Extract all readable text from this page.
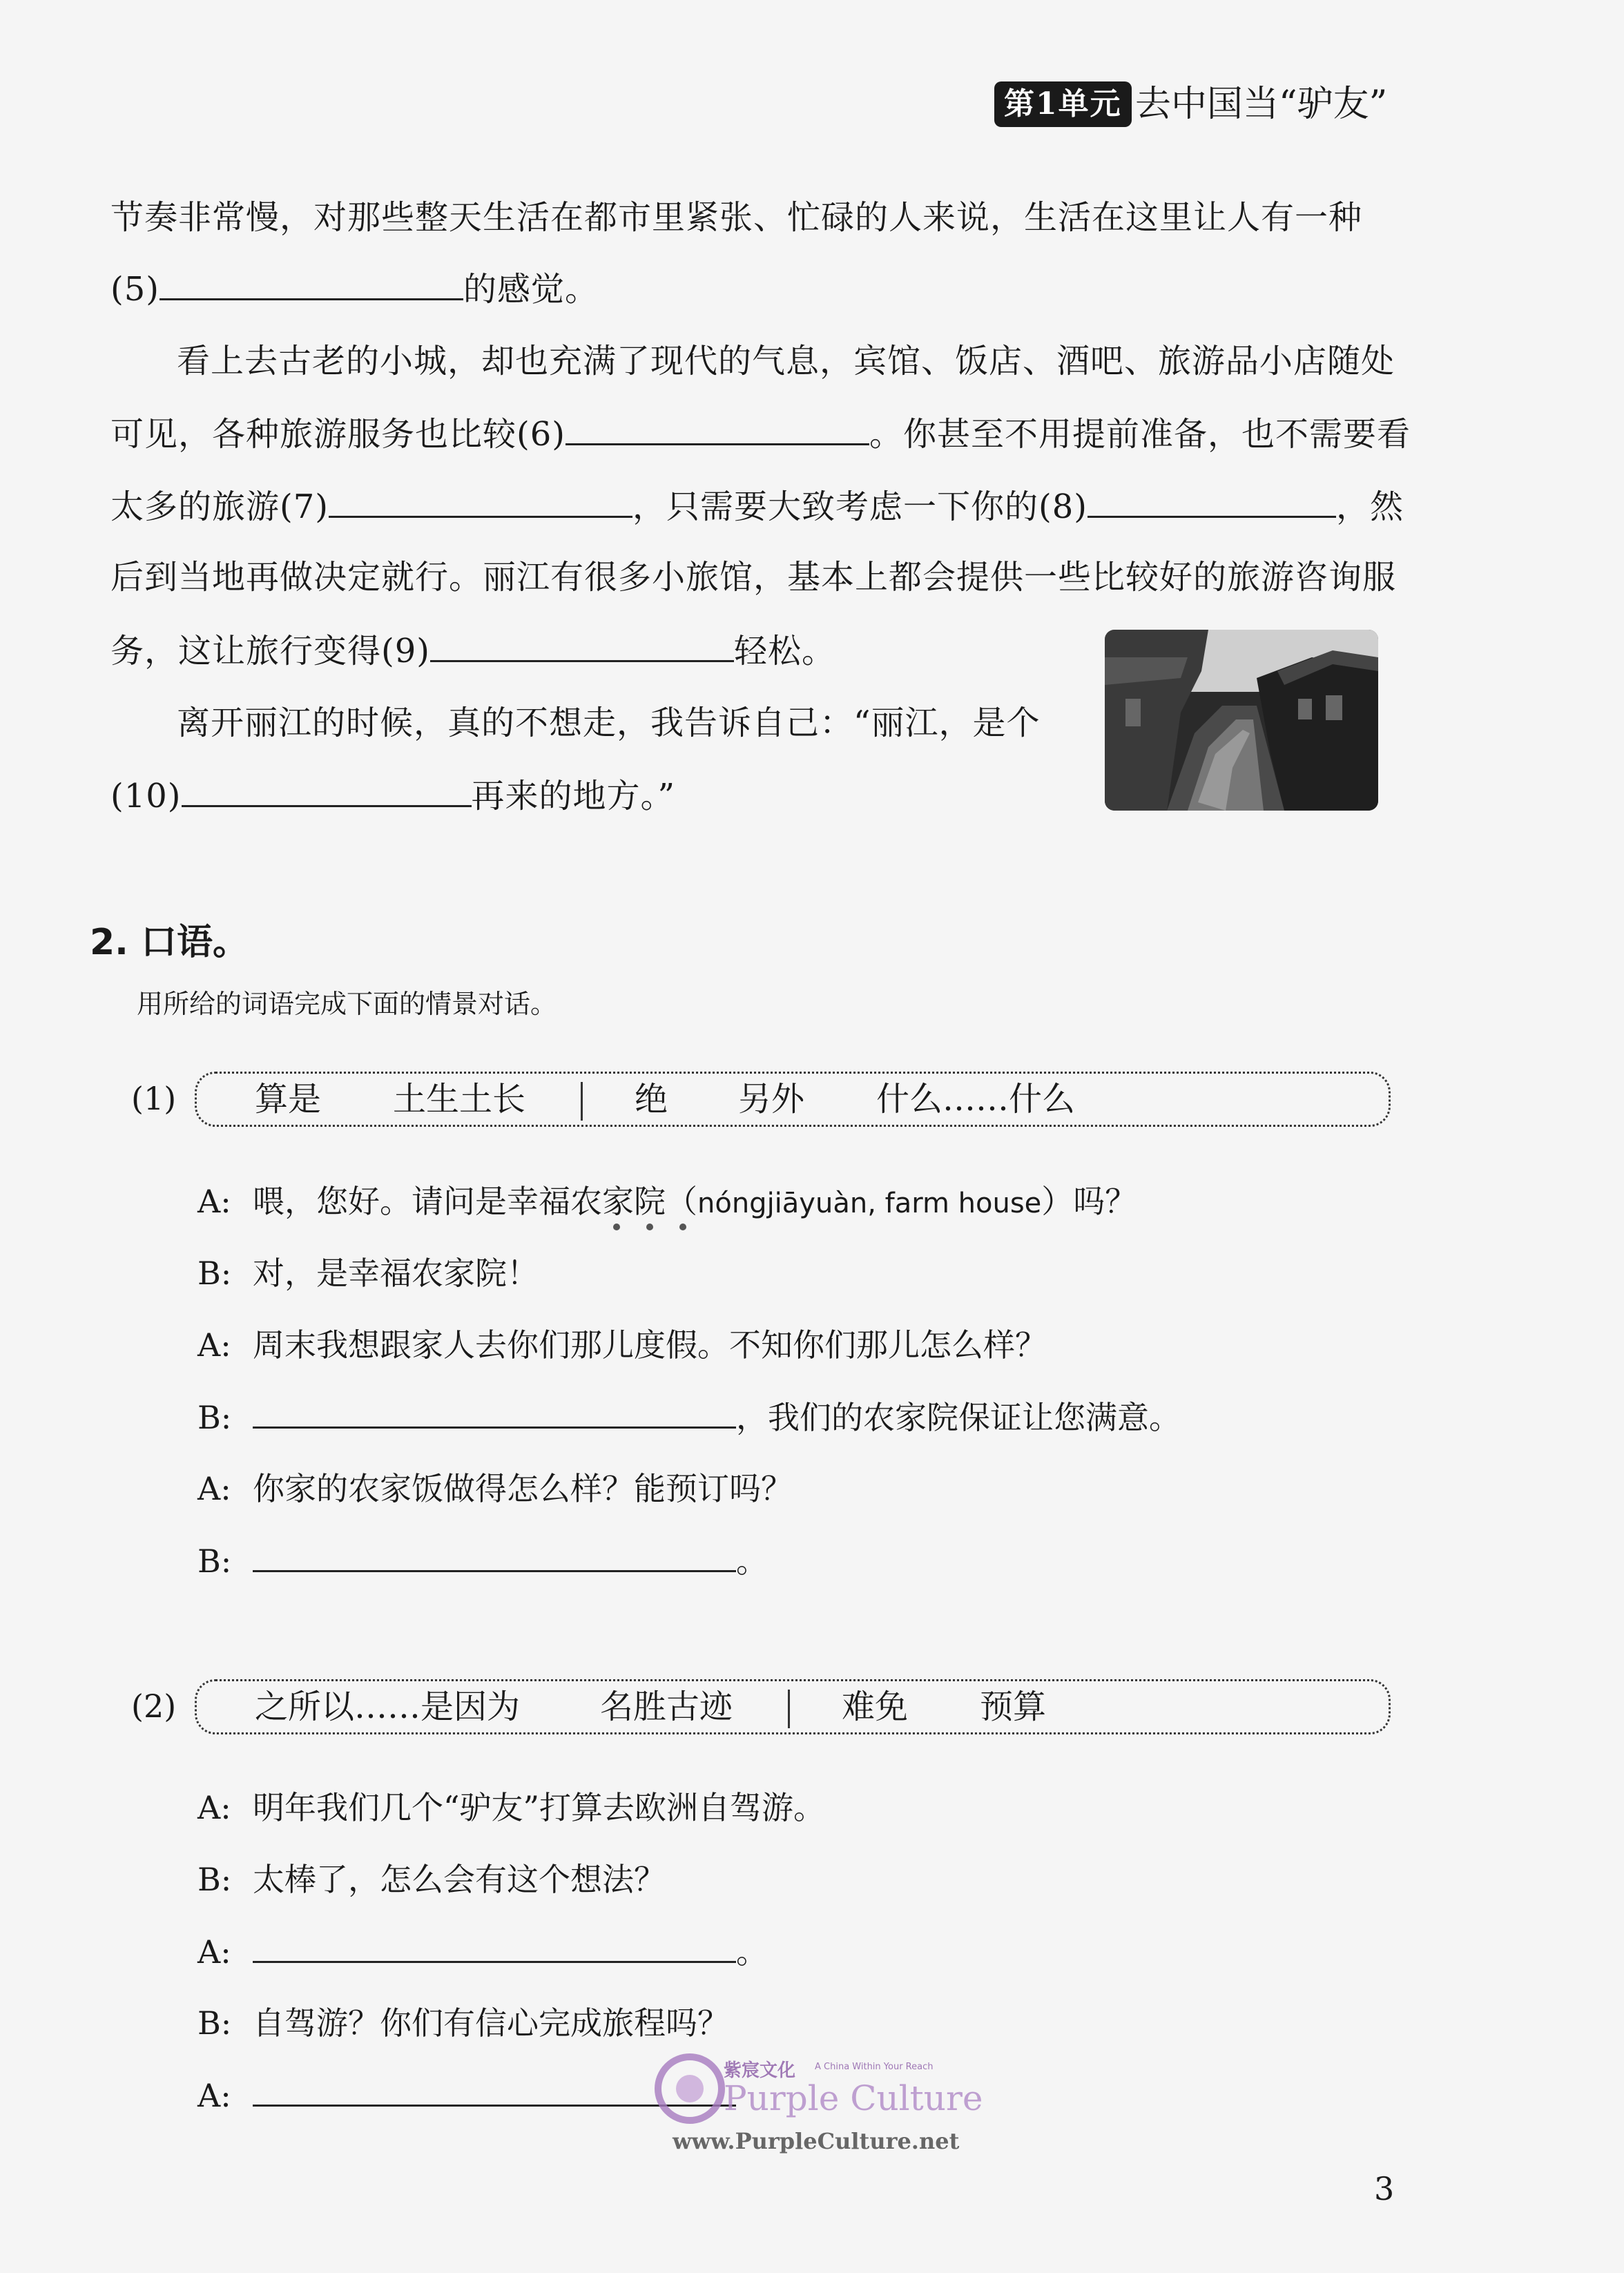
第1单元 去中国当“驴友”
节奏非常慢，对那些整天生活在都市里紧张、忙碌的人来说，生活在这里让人有一种
(5)	的感觉。
看上去古老的小城，却也充满了现代的气息，宾馆、饭店、酒吧、旅游品小店随处
可见，各种旅游服务也比较(6)	。你甚至不用提前准备，也不需要看
太多的旅游(7)	，只需要大致考虑一下你的(8)	，然
后到当地再做决定就行。丽江有很多小旅馆，基本上都会提供一些比较好的旅游咨询服
务，这让旅行变得(9)	轻松。
离开丽江的时候，真的不想走，我告诉自己：“丽江，是个
(10)	再来的地方。”
2. 口语。
用所给的词语完成下面的情景对话。
(1) 算是 土生土长	绝 另外 什么……什么
A: 喂，您好。请问是幸福农家院（nóngjiāyuàn, farm house）吗？
B: 对，是幸福农家院！
A: 周末我想跟家人去你们那儿度假。不知你们那儿怎么样？
B:	，我们的农家院保证让您满意。
A: 你家的农家饭做得怎么样？能预订吗？
B:	。
(2) 之所以……是因为 名胜古迹	难免 预算
A: 明年我们几个“驴友”打算去欧洲自驾游。
B: 太棒了，怎么会有这个想法？
A:	。
B: 自驾游？你们有信心完成旅程吗？
A:
紫宸文化 A China Within Your Reach
Purple Culture
www.PurpleCulture.net
3
